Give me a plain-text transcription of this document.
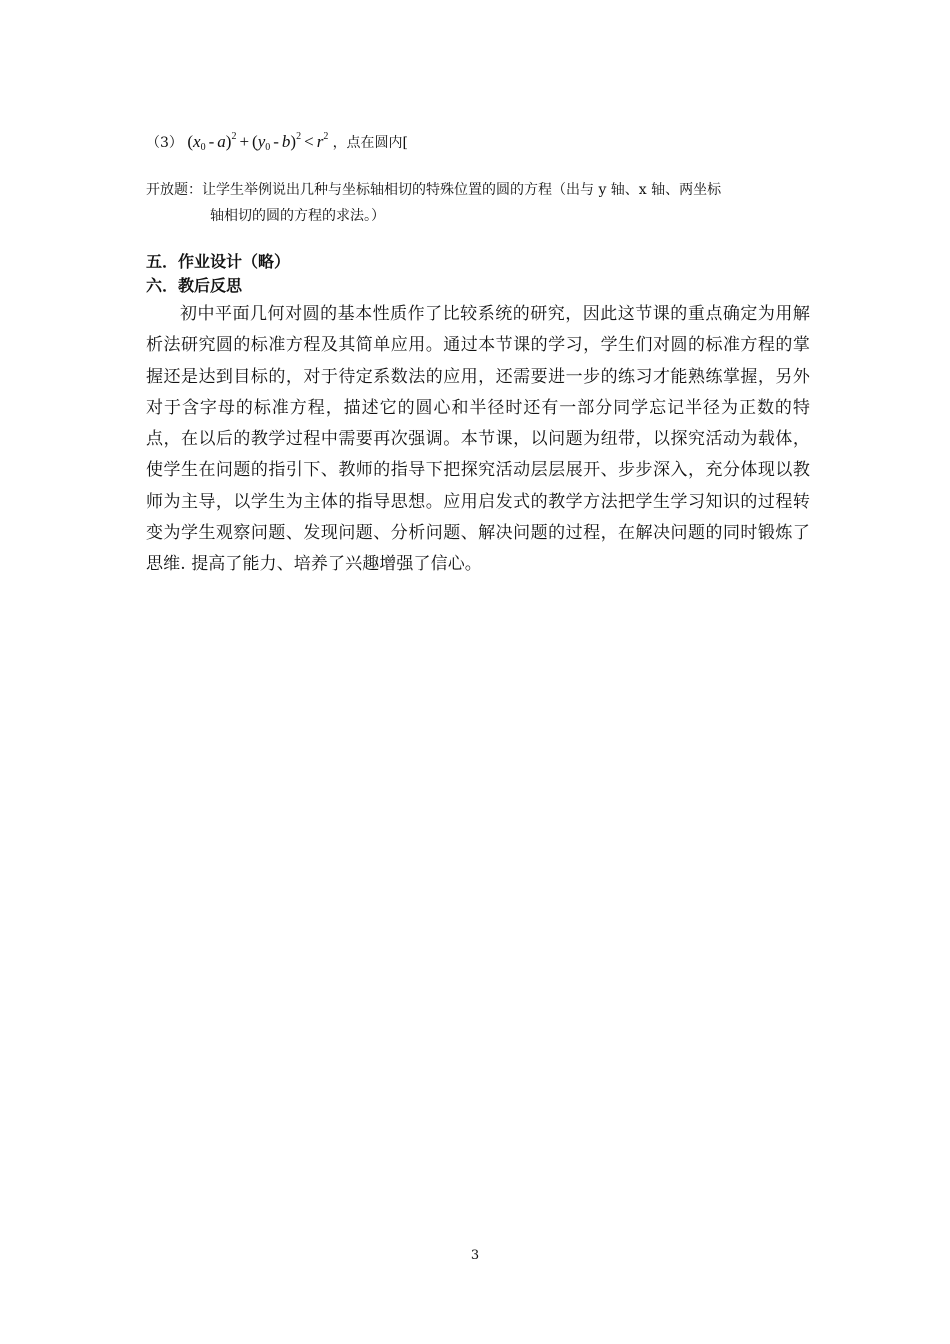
（3） $(x_0 - a)^2 + (y_0 - b)^2 < r^2$ ，点在圆内[
开放题：让学生举例说出几种与坐标轴相切的特殊位置的圆的方程（出与 y 轴、x 轴、两坐标
轴相切的圆的方程的求法。）
五．作业设计（略）
六．教后反思

初中平面几何对圆的基本性质作了比较系统的研究，因此这节课的重点确定为用解析法研究圆的标准方程及其简单应用。通过本节课的学习，学生们对圆的标准方程的掌握还是达到目标的，对于待定系数法的应用，还需要进一步的练习才能熟练掌握，另外对于含字母的标准方程，描述它的圆心和半径时还有一部分同学忘记半径为正数的特点，在以后的教学过程中需要再次强调。本节课，以问题为纽带，以探究活动为载体，使学生在问题的指引下、教师的指导下把探究活动层层展开、步步深入，充分体现以教师为主导，以学生为主体的指导思想。应用启发式的教学方法把学生学习知识的过程转变为学生观察问题、发现问题、分析问题、解决问题的过程，在解决问题的同时锻炼了思维. 提高了能力、培养了兴趣增强了信心。

3
